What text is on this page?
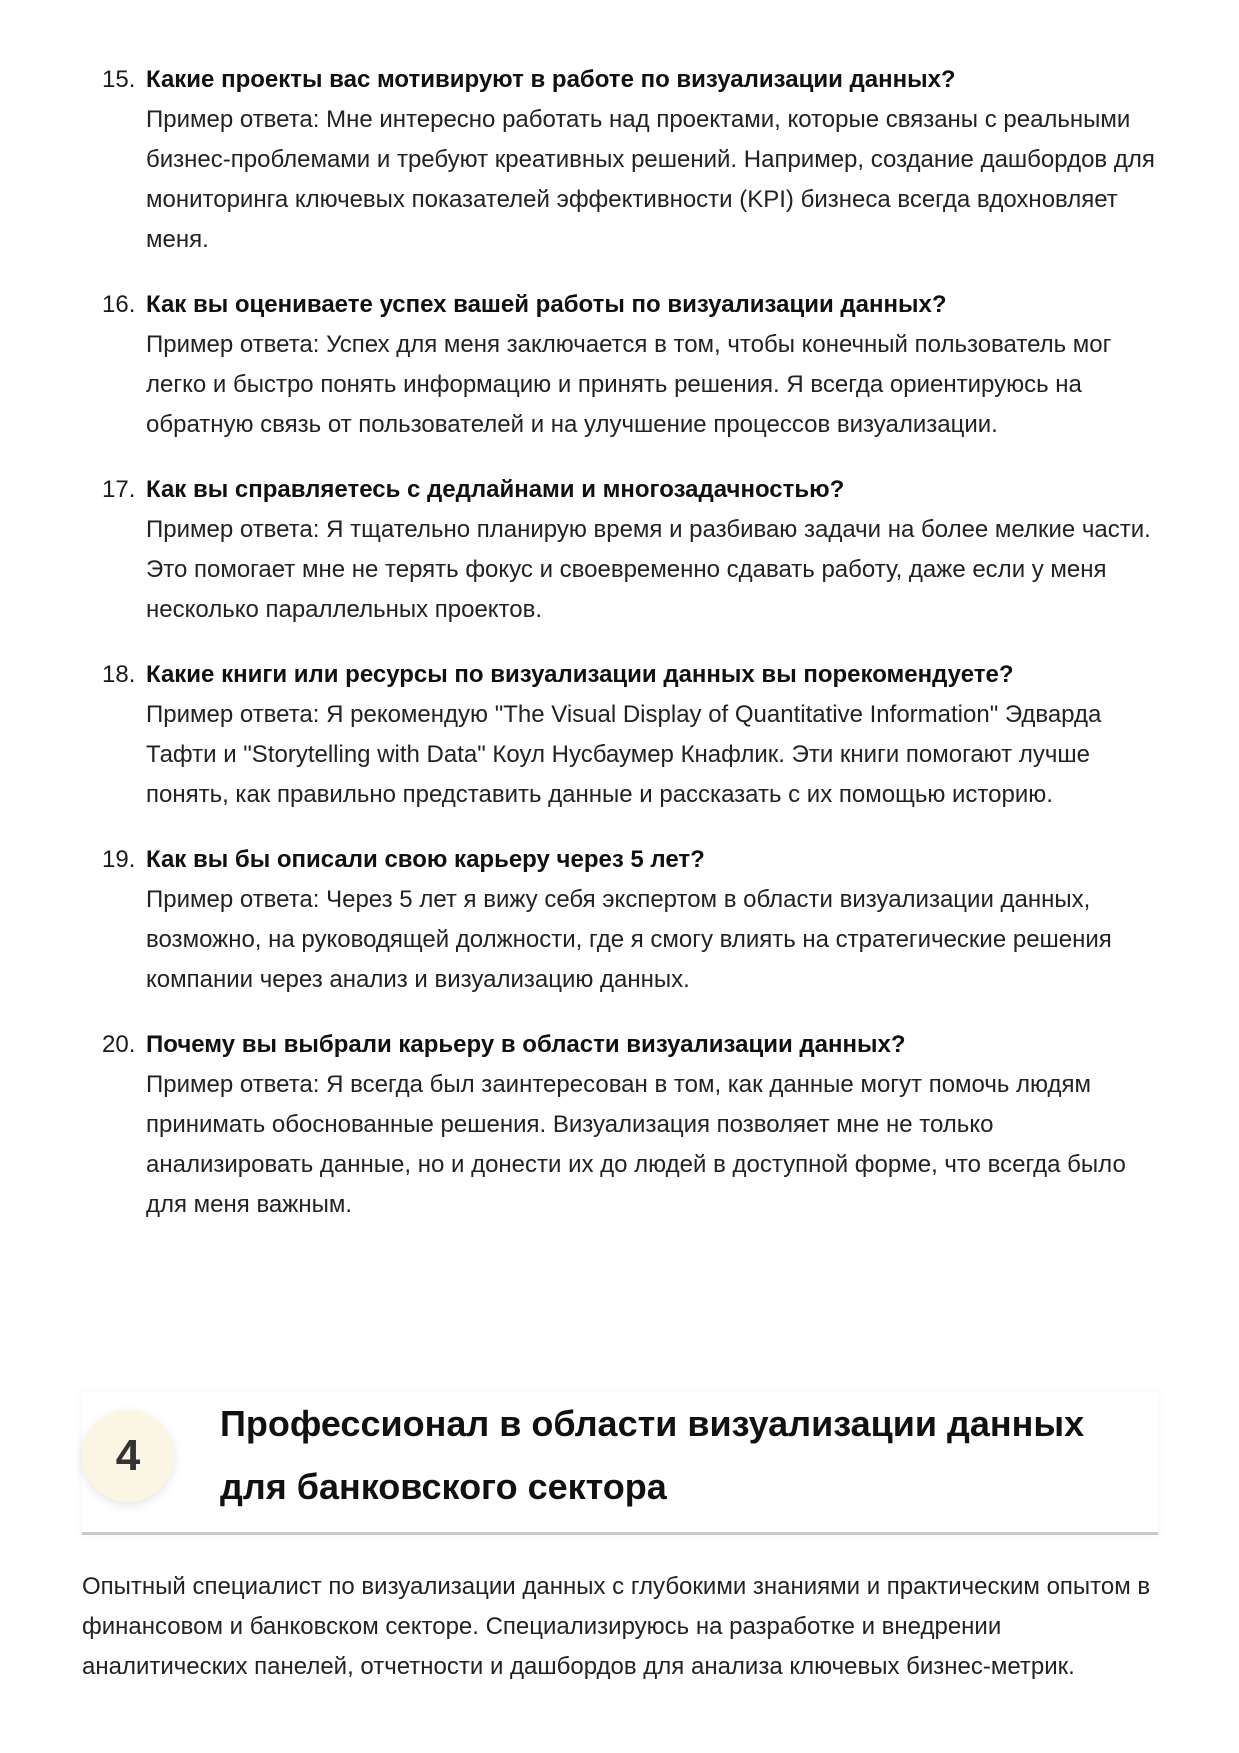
15. Какие проекты вас мотивируют в работе по визуализации данных?

Пример ответа: Мне интересно работать над проектами, которые связаны с реальными бизнес-проблемами и требуют креативных решений. Например, создание дашбордов для мониторинга ключевых показателей эффективности (KPI) бизнеса всегда вдохновляет меня.

16. Как вы оцениваете успех вашей работы по визуализации данных?

Пример ответа: Успех для меня заключается в том, чтобы конечный пользователь мог легко и быстро понять информацию и принять решения. Я всегда ориентируюсь на обратную связь от пользователей и на улучшение процессов визуализации.

17. Как вы справляетесь с дедлайнами и многозадачностью?

Пример ответа: Я тщательно планирую время и разбиваю задачи на более мелкие части. Это помогает мне не терять фокус и своевременно сдавать работу, даже если у меня несколько параллельных проектов.

18. Какие книги или ресурсы по визуализации данных вы порекомендуете?

Пример ответа: Я рекомендую "The Visual Display of Quantitative Information" Эдварда Тафти и "Storytelling with Data" Коул Нусбаумер Кнафлик. Эти книги помогают лучше понять, как правильно представить данные и рассказать с их помощью историю.

19. Как вы бы описали свою карьеру через 5 лет?

Пример ответа: Через 5 лет я вижу себя экспертом в области визуализации данных, возможно, на руководящей должности, где я смогу влиять на стратегические решения компании через анализ и визуализацию данных.

20. Почему вы выбрали карьеру в области визуализации данных?

Пример ответа: Я всегда был заинтересован в том, как данные могут помочь людям принимать обоснованные решения. Визуализация позволяет мне не только анализировать данные, но и донести их до людей в доступной форме, что всегда было для меня важным.

4
Профессионал в области визуализации данных для банковского сектора

Опытный специалист по визуализации данных с глубокими знаниями и практическим опытом в финансовом и банковском секторе. Специализируюсь на разработке и внедрении аналитических панелей, отчетности и дашбордов для анализа ключевых бизнес-метрик.
